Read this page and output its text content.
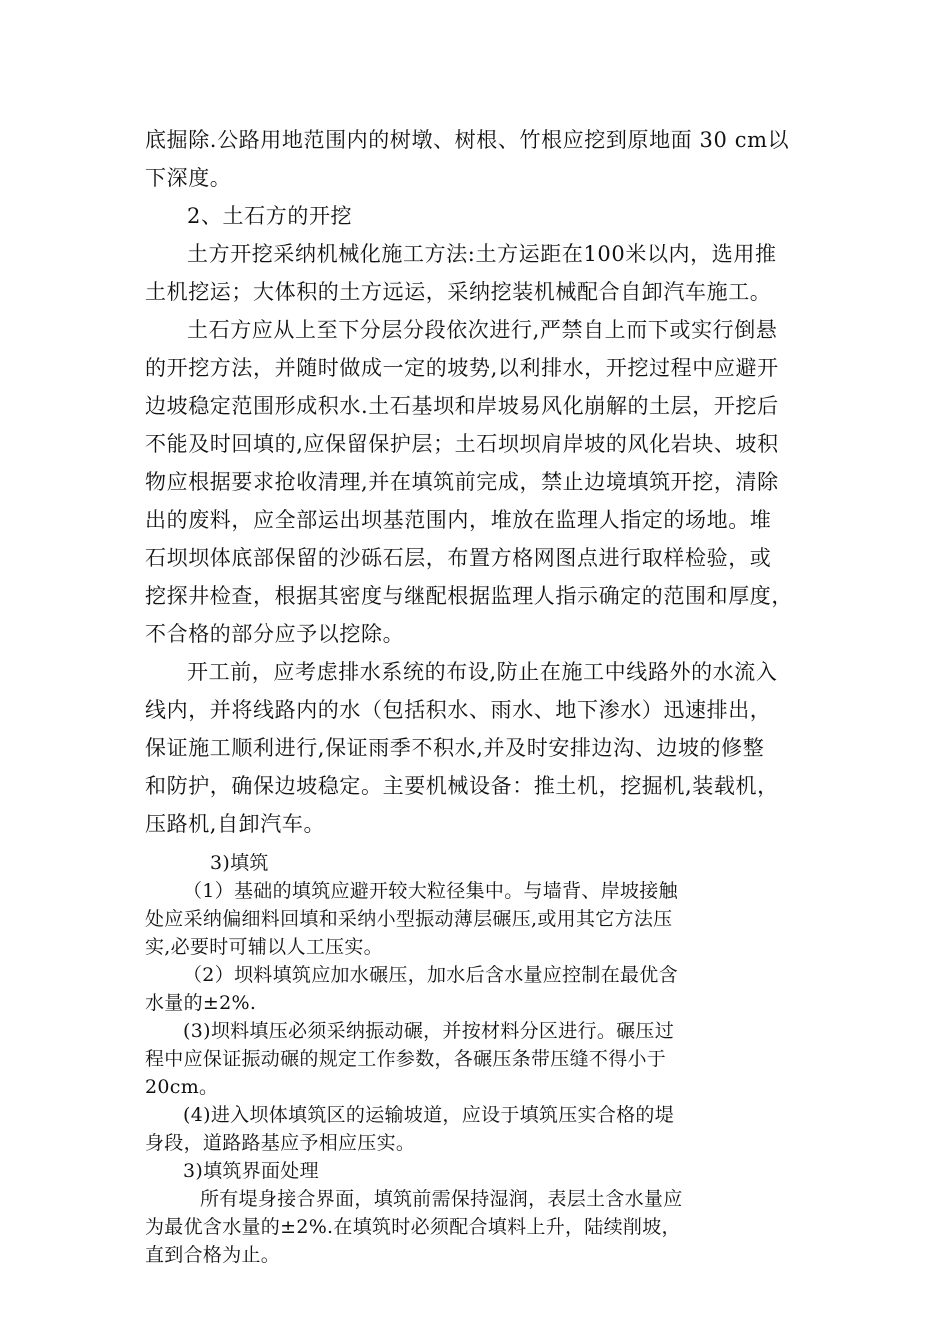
底掘除.公路用地范围内的树墩、树根、竹根应挖到原地面 30 cm以

下深度。

2、土石方的开挖

土方开挖采纳机械化施工方法:土方运距在100米以内，选用推

土机挖运；大体积的土方远运，采纳挖装机械配合自卸汽车施工。

土石方应从上至下分层分段依次进行,严禁自上而下或实行倒悬

的开挖方法，并随时做成一定的坡势,以利排水，开挖过程中应避开

边坡稳定范围形成积水.土石基坝和岸坡易风化崩解的土层，开挖后

不能及时回填的,应保留保护层；土石坝坝肩岸坡的风化岩块、坡积

物应根据要求抢收清理,并在填筑前完成，禁止边境填筑开挖，清除

出的废料，应全部运出坝基范围内，堆放在监理人指定的场地。堆

石坝坝体底部保留的沙砾石层，布置方格网图点进行取样检验，或

挖探井检查，根据其密度与继配根据监理人指示确定的范围和厚度，

不合格的部分应予以挖除。

开工前，应考虑排水系统的布设,防止在施工中线路外的水流入

线内，并将线路内的水（包括积水、雨水、地下渗水）迅速排出，

保证施工顺利进行,保证雨季不积水,并及时安排边沟、边坡的修整

和防护，确保边坡稳定。主要机械设备：推土机，挖掘机,装载机，

压路机,自卸汽车。

3)填筑

（1）基础的填筑应避开较大粒径集中。与墙背、岸坡接触

处应采纳偏细料回填和采纳小型振动薄层碾压,或用其它方法压

实,必要时可辅以人工压实。

（2）坝料填筑应加水碾压，加水后含水量应控制在最优含

水量的±2%.

(3)坝料填压必须采纳振动碾，并按材料分区进行。碾压过

程中应保证振动碾的规定工作参数，各碾压条带压缝不得小于

20cm。

(4)进入坝体填筑区的运输坡道，应设于填筑压实合格的堤

身段，道路路基应予相应压实。

3)填筑界面处理

所有堤身接合界面，填筑前需保持湿润，表层土含水量应

为最优含水量的±2%.在填筑时必须配合填料上升，陆续削坡，

直到合格为止。
